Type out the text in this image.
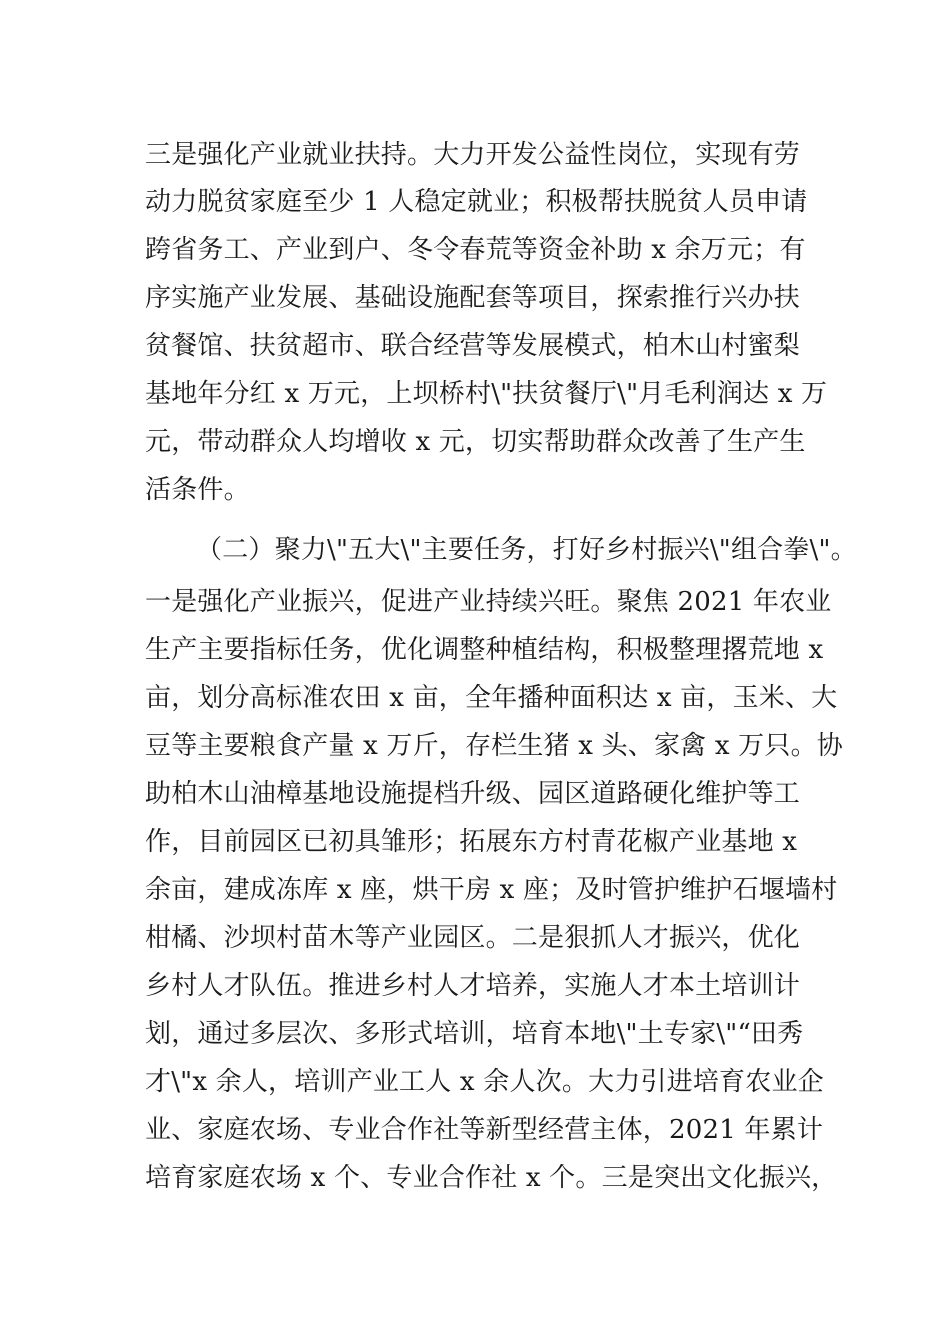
三是强化产业就业扶持。大力开发公益性岗位，实现有劳
动力脱贫家庭至少 1 人稳定就业；积极帮扶脱贫人员申请
跨省务工、产业到户、冬令春荒等资金补助 x 余万元；有
序实施产业发展、基础设施配套等项目，探索推行兴办扶
贫餐馆、扶贫超市、联合经营等发展模式，柏木山村蜜梨
基地年分红 x 万元，上坝桥村\"扶贫餐厅\"月毛利润达 x 万
元，带动群众人均增收 x 元，切实帮助群众改善了生产生
活条件。
（二）聚力\"五大\"主要任务，打好乡村振兴\"组合拳\"。
一是强化产业振兴，促进产业持续兴旺。聚焦 2021 年农业
生产主要指标任务，优化调整种植结构，积极整理撂荒地 x
亩，划分高标准农田 x 亩，全年播种面积达 x 亩，玉米、大
豆等主要粮食产量 x 万斤，存栏生猪 x 头、家禽 x 万只。协
助柏木山油樟基地设施提档升级、园区道路硬化维护等工
作，目前园区已初具雏形；拓展东方村青花椒产业基地 x
余亩，建成冻库 x 座，烘干房 x 座；及时管护维护石堰墙村
柑橘、沙坝村苗木等产业园区。二是狠抓人才振兴，优化
乡村人才队伍。推进乡村人才培养，实施人才本土培训计
划，通过多层次、多形式培训，培育本地\"土专家\"“田秀
才\"x 余人，培训产业工人 x 余人次。大力引进培育农业企
业、家庭农场、专业合作社等新型经营主体，2021 年累计
培育家庭农场 x 个、专业合作社 x 个。三是突出文化振兴，
